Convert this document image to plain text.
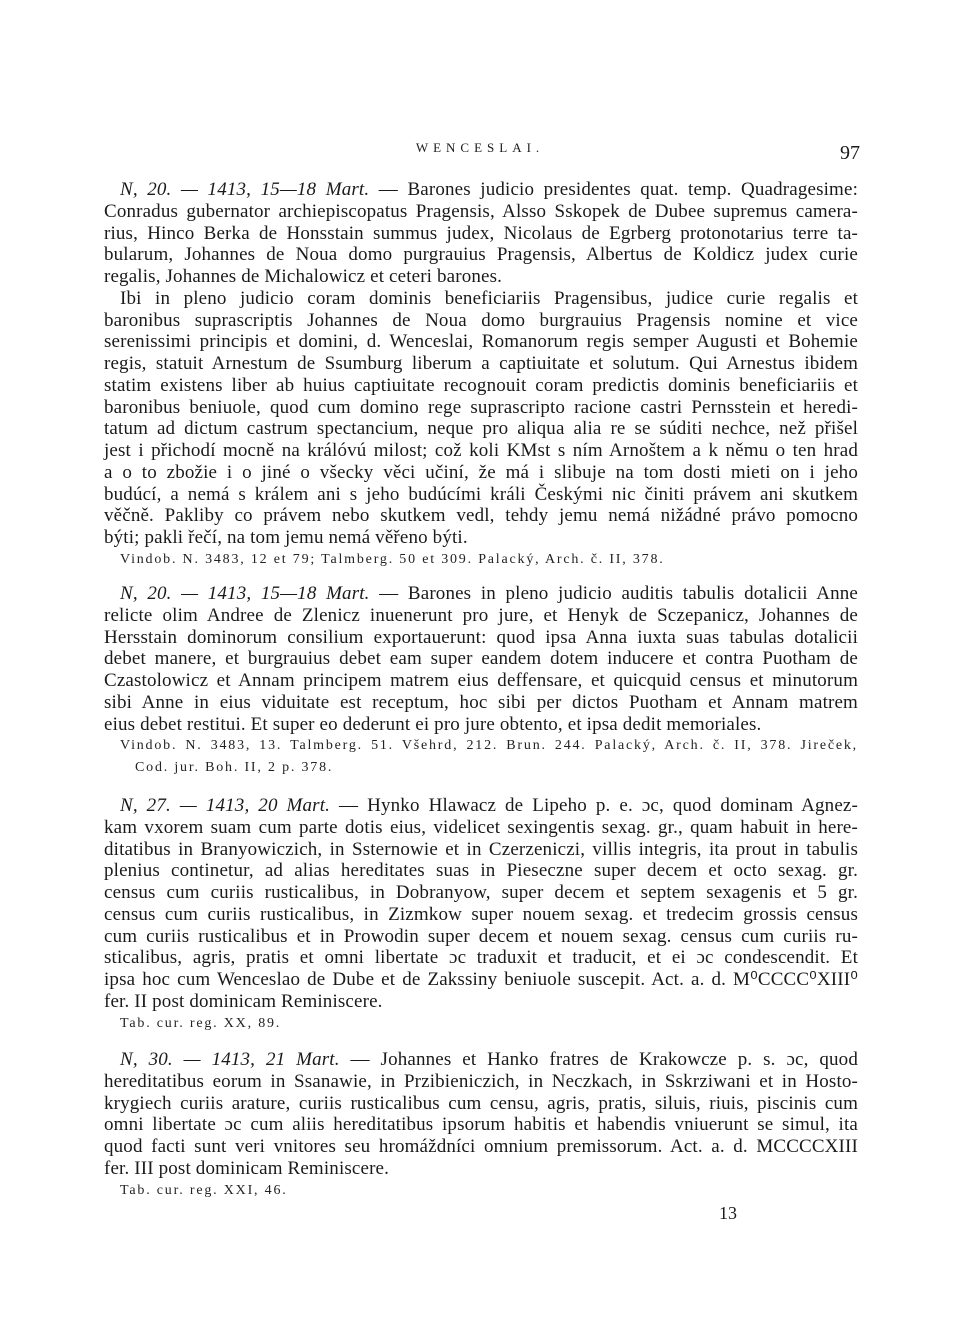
WENCESLAI.	97
N, 20. — 1413, 15—18 Mart. — Barones judicio presidentes quat. temp. Quadragesime:
Conradus gubernator archiepiscopatus Pragensis, Alsso Sskopek de Dubee supremus camera-
rius, Hinco Berka de Honsstain summus judex, Nicolaus de Egrberg protonotarius terre ta-
bularum, Johannes de Noua domo purgrauius Pragensis, Albertus de Koldicz judex curie
regalis, Johannes de Michalowicz et ceteri barones.
Ibi in pleno judicio coram dominis beneficiariis Pragensibus, judice curie regalis et
baronibus suprascriptis Johannes de Noua domo burgrauius Pragensis nomine et vice
serenissimi principis et domini, d. Wenceslai, Romanorum regis semper Augusti et Bohemie
regis, statuit Arnestum de Ssumburg liberum a captiuitate et solutum. Qui Arnestus ibidem
statim existens liber ab huius captiuitate recognouit coram predictis dominis beneficiariis et
baronibus beniuole, quod cum domino rege suprascripto racione castri Pernsstein et heredi-
tatum ad dictum castrum spectancium, neque pro aliqua alia re se súditi nechce, než přišel
jest i přichodí mocně na králóvú milost; což koli KMst s ním Arnoštem a k němu o ten hrad
a o to zbožie i o jiné o všecky věci učiní, že má i slibuje na tom dosti mieti on i jeho
budúcí, a nemá s králem ani s jeho budúcími králi Českými nic činiti právem ani skutkem
věčně. Pakliby co právem nebo skutkem vedl, tehdy jemu nemá nižádné právo pomocno
býti; pakli řečí, na tom jemu nemá věřeno býti.
Vindob. N. 3483, 12 et 79; Talmberg. 50 et 309. Palacký, Arch. č. II, 378.
N, 20. — 1413, 15—18 Mart. — Barones in pleno judicio auditis tabulis dotalicii Anne
relicte olim Andree de Zlenicz inuenerunt pro jure, et Henyk de Sczepanicz, Johannes de
Hersstain dominorum consilium exportauerunt: quod ipsa Anna iuxta suas tabulas dotalicii
debet manere, et burgrauius debet eam super eandem dotem inducere et contra Puotham de
Czastolowicz et Annam principem matrem eius deffensare, et quicquid census et minutorum
sibi Anne in eius viduitate est receptum, hoc sibi per dictos Puotham et Annam matrem
eius debet restitui. Et super eo dederunt ei pro jure obtento, et ipsa dedit memoriales.
Vindob. N. 3483, 13. Talmberg. 51. Všehrd, 212. Brun. 244. Palacký, Arch. č. II, 378. Jireček,
Cod. jur. Boh. II, 2 p. 378.
N, 27. — 1413, 20 Mart. — Hynko Hlawacz de Lipeho p. e. ɔc, quod dominam Agnez-
kam vxorem suam cum parte dotis eius, videlicet sexingentis sexag. gr., quam habuit in here-
ditatibus in Branyowiczich, in Ssternowie et in Czerzeniczi, villis integris, ita prout in tabulis
plenius continetur, ad alias hereditates suas in Pieseczne super decem et octo sexag. gr.
census cum curiis rusticalibus, in Dobranyow, super decem et septem sexagenis et 5 gr.
census cum curiis rusticalibus, in Zizmkow super nouem sexag. et tredecim grossis census
cum curiis rusticalibus et in Prowodin super decem et nouem sexag. census cum curiis ru-
sticalibus, agris, pratis et omni libertate ɔc traduxit et traducit, et ei ɔc condescendit. Et
ipsa hoc cum Wenceslao de Dube et de Zakssiny beniuole suscepit. Act. a. d. M⁰CCCC⁰XIII⁰
fer. II post dominicam Reminiscere.
Tab. cur. reg. XX, 89.
N, 30. — 1413, 21 Mart. — Johannes et Hanko fratres de Krakowcze p. s. ɔc, quod
hereditatibus eorum in Ssanawie, in Przibieniczich, in Neczkach, in Sskrziwani et in Hosto-
krygiech curiis arature, curiis rusticalibus cum censu, agris, pratis, siluis, riuis, piscinis cum
omni libertate ɔc cum aliis hereditatibus ipsorum habitis et habendis vniuerunt se simul, ita
quod facti sunt veri vnitores seu hromáždníci omnium premissorum. Act. a. d. MCCCCXIII
fer. III post dominicam Reminiscere.
Tab. cur. reg. XXI, 46.
13
